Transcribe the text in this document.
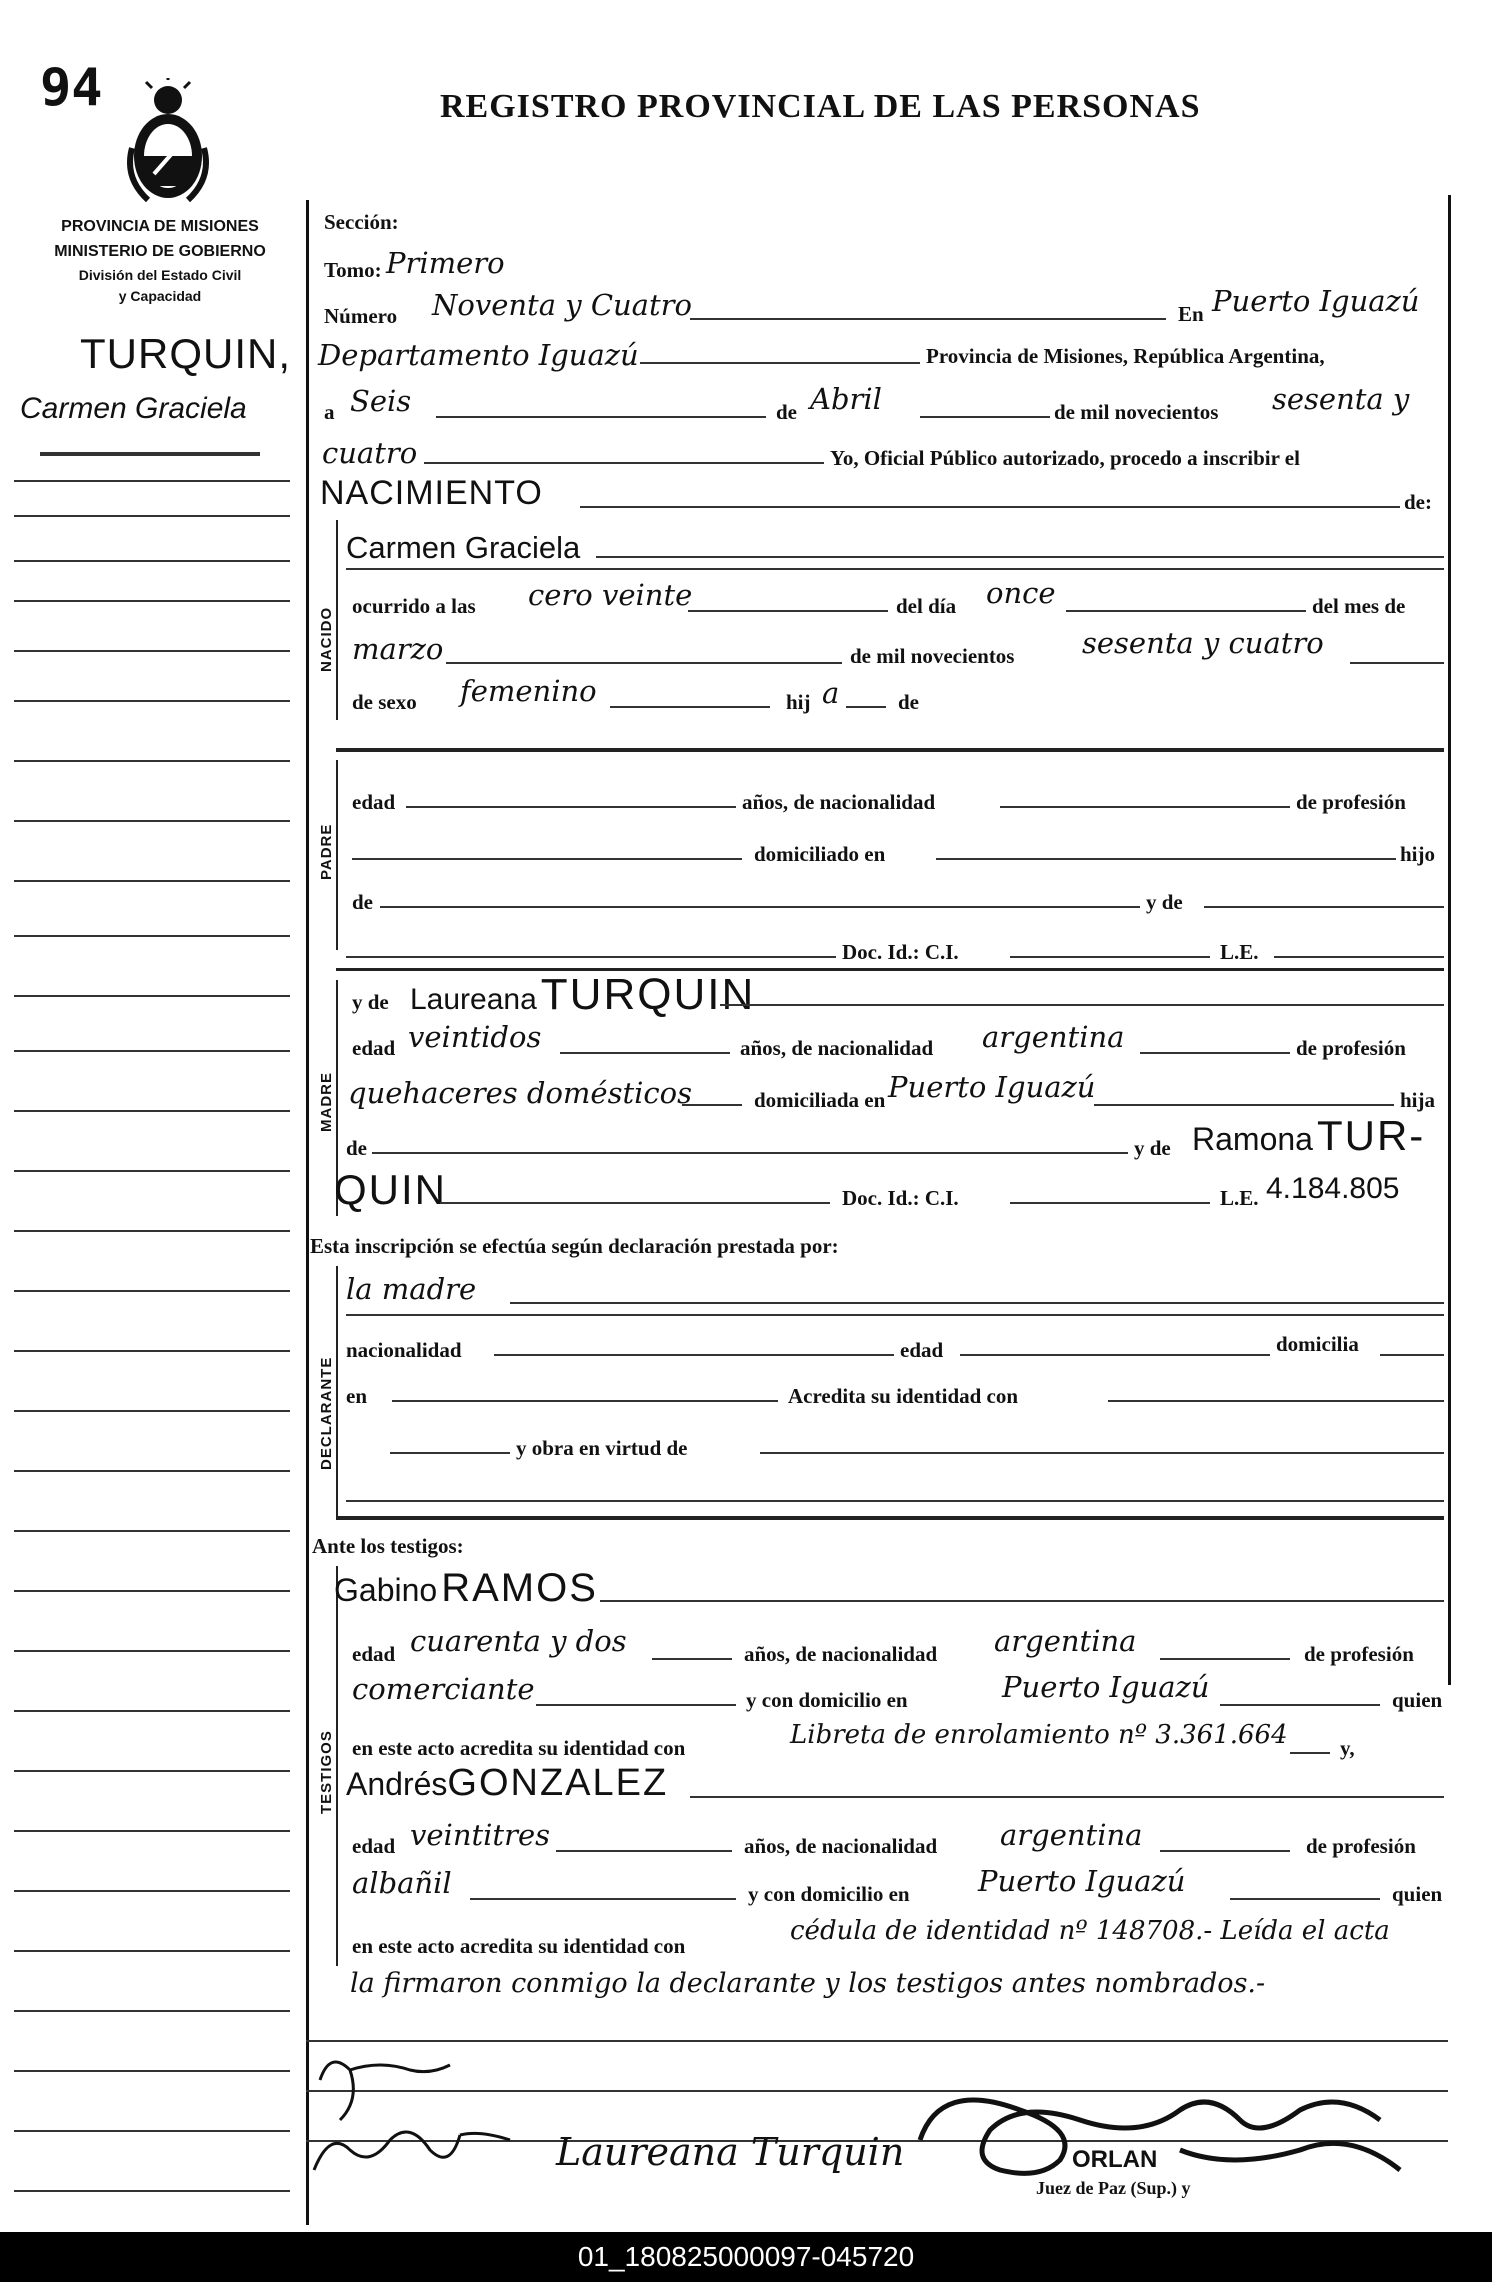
94	REGISTRO PROVINCIAL DE LAS PERSONAS
PROVINCIA DE MISIONES
MINISTERIO DE GOBIERNO
División del Estado Civil
y Capacidad
TURQUIN,
Carmen Graciela
Sección:
Tomo: Primero
Número Noventa y Cuatro	En Puerto Iguazú
Departamento Iguazú	Provincia de Misiones, República Argentina,
a Seis	de Abril	de mil novecientos sesenta y
cuatro	Yo, Oficial Público autorizado, procedo a inscribir el
NACIMIENTO	de:
NACIDO
Carmen Graciela
ocurrido a las cero veinte	del día once	del mes de
marzo	de mil novecientos sesenta y cuatro
de sexo femenino	hij a	de
PADRE
edad	años, de nacionalidad	de profesión
domiciliado en	hijo
de	y de
Doc. Id.: C.I.	L.E.
MADRE
y de Laureana TURQUIN
edad veintidos	años, de nacionalidad argentina	de profesión
quehaceres domésticos	domiciliada en Puerto Iguazú	hija
de	y de Ramona TUR-
QUIN	Doc. Id.: C.I.	L.E. 4.184.805
Esta inscripción se efectúa según declaración prestada por:
DECLARANTE
la madre
nacionalidad	edad	domicilia
en	Acredita su identidad con
y obra en virtud de
Ante los testigos:
TESTIGOS
Gabino RAMOS
edad cuarenta y dos	años, de nacionalidad argentina	de profesión
comerciante	y con domicilio en	Puerto Iguazú	quien
en este acto acredita su identidad con	Libreta de enrolamiento nº 3.361.664 y,
AndrésGONZALEZ
edad veintitres	años, de nacionalidad argentina	de profesión
albañil	y con domicilio en Puerto Iguazú	quien
en este acto acredita su identidad con	cédula de identidad nº 148708.- Leída el acta
la firmaron conmigo la declarante y los testigos antes nombrados.-
Laureana Turquin	ORLAN
Juez de Paz (Sup.) y
01_180825000097-045720
